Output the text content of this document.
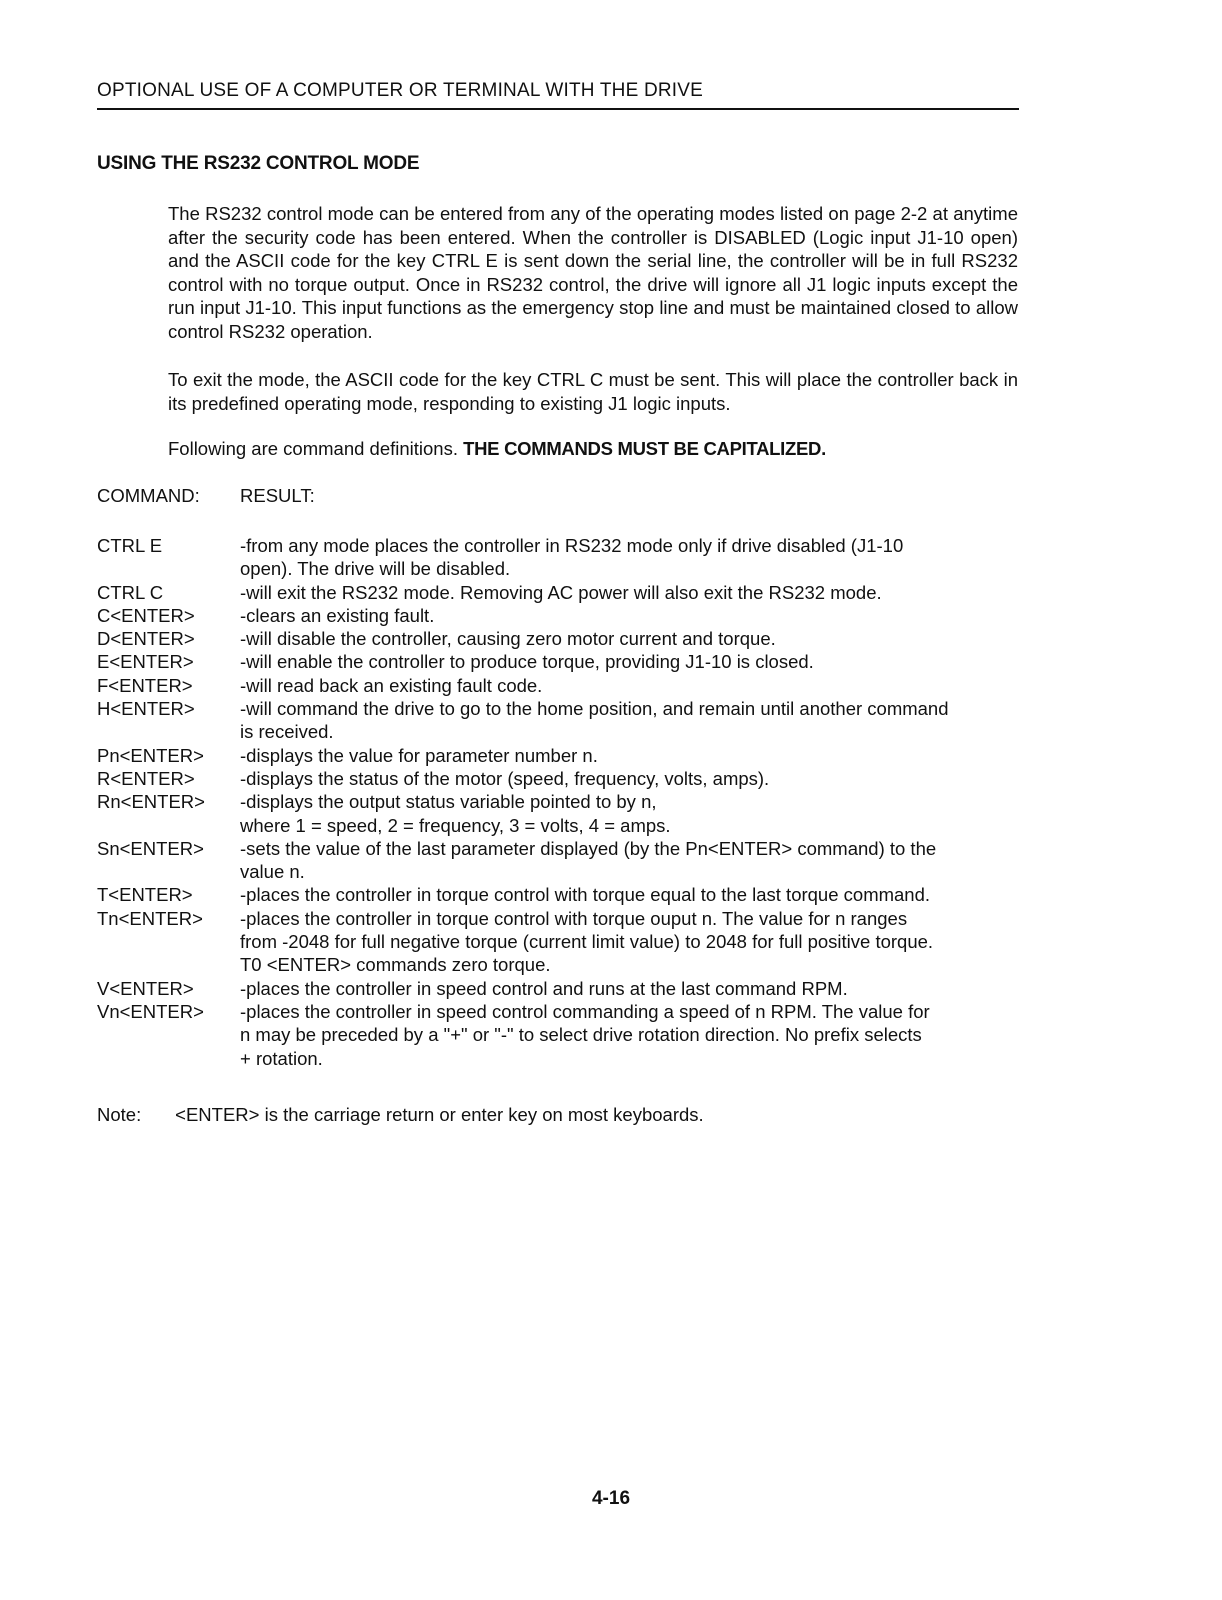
OPTIONAL USE OF A COMPUTER OR TERMINAL WITH THE DRIVE
USING THE RS232 CONTROL MODE
The RS232 control mode can be entered from any of the operating modes listed on page 2-2 at anytime after the security code has been entered. When the controller is DISABLED (Logic input J1-10 open) and the ASCII code for the key CTRL E is sent down the serial line, the controller will be in full RS232 control with no torque output. Once in RS232 control, the drive will ignore all J1 logic inputs except the run input J1-10. This input functions as the emergency stop line and must be maintained closed to allow control RS232 operation.
To exit the mode, the ASCII code for the key CTRL C must be sent. This will place the controller back in its predefined operating mode, responding to existing J1 logic inputs.
Following are command definitions. THE COMMANDS MUST BE CAPITALIZED.
COMMAND: RESULT:
CTRL E	-from any mode places the controller in RS232 mode only if drive disabled (J1-10
open). The drive will be disabled.
CTRL C	-will exit the RS232 mode. Removing AC power will also exit the RS232 mode.
C<ENTER>	-clears an existing fault.
D<ENTER>	-will disable the controller, causing zero motor current and torque.
E<ENTER>	-will enable the controller to produce torque, providing J1-10 is closed.
F<ENTER>	-will read back an existing fault code.
H<ENTER>	-will command the drive to go to the home position, and remain until another command
is received.
Pn<ENTER>	-displays the value for parameter number n.
R<ENTER>	-displays the status of the motor (speed, frequency, volts, amps).
Rn<ENTER>	-displays the output status variable pointed to by n,
where 1 = speed, 2 = frequency, 3 = volts, 4 = amps.
Sn<ENTER>	-sets the value of the last parameter displayed (by the Pn<ENTER> command) to the
value n.
T<ENTER>	-places the controller in torque control with torque equal to the last torque command.
Tn<ENTER>	-places the controller in torque control with torque ouput n. The value for n ranges
from -2048 for full negative torque (current limit value) to 2048 for full positive torque.
T0 <ENTER> commands zero torque.
V<ENTER>	-places the controller in speed control and runs at the last command RPM.
Vn<ENTER>	-places the controller in speed control commanding a speed of n RPM. The value for
n may be preceded by a "+" or "-" to select drive rotation direction. No prefix selects
+ rotation.
Note: <ENTER> is the carriage return or enter key on most keyboards.
4-16
